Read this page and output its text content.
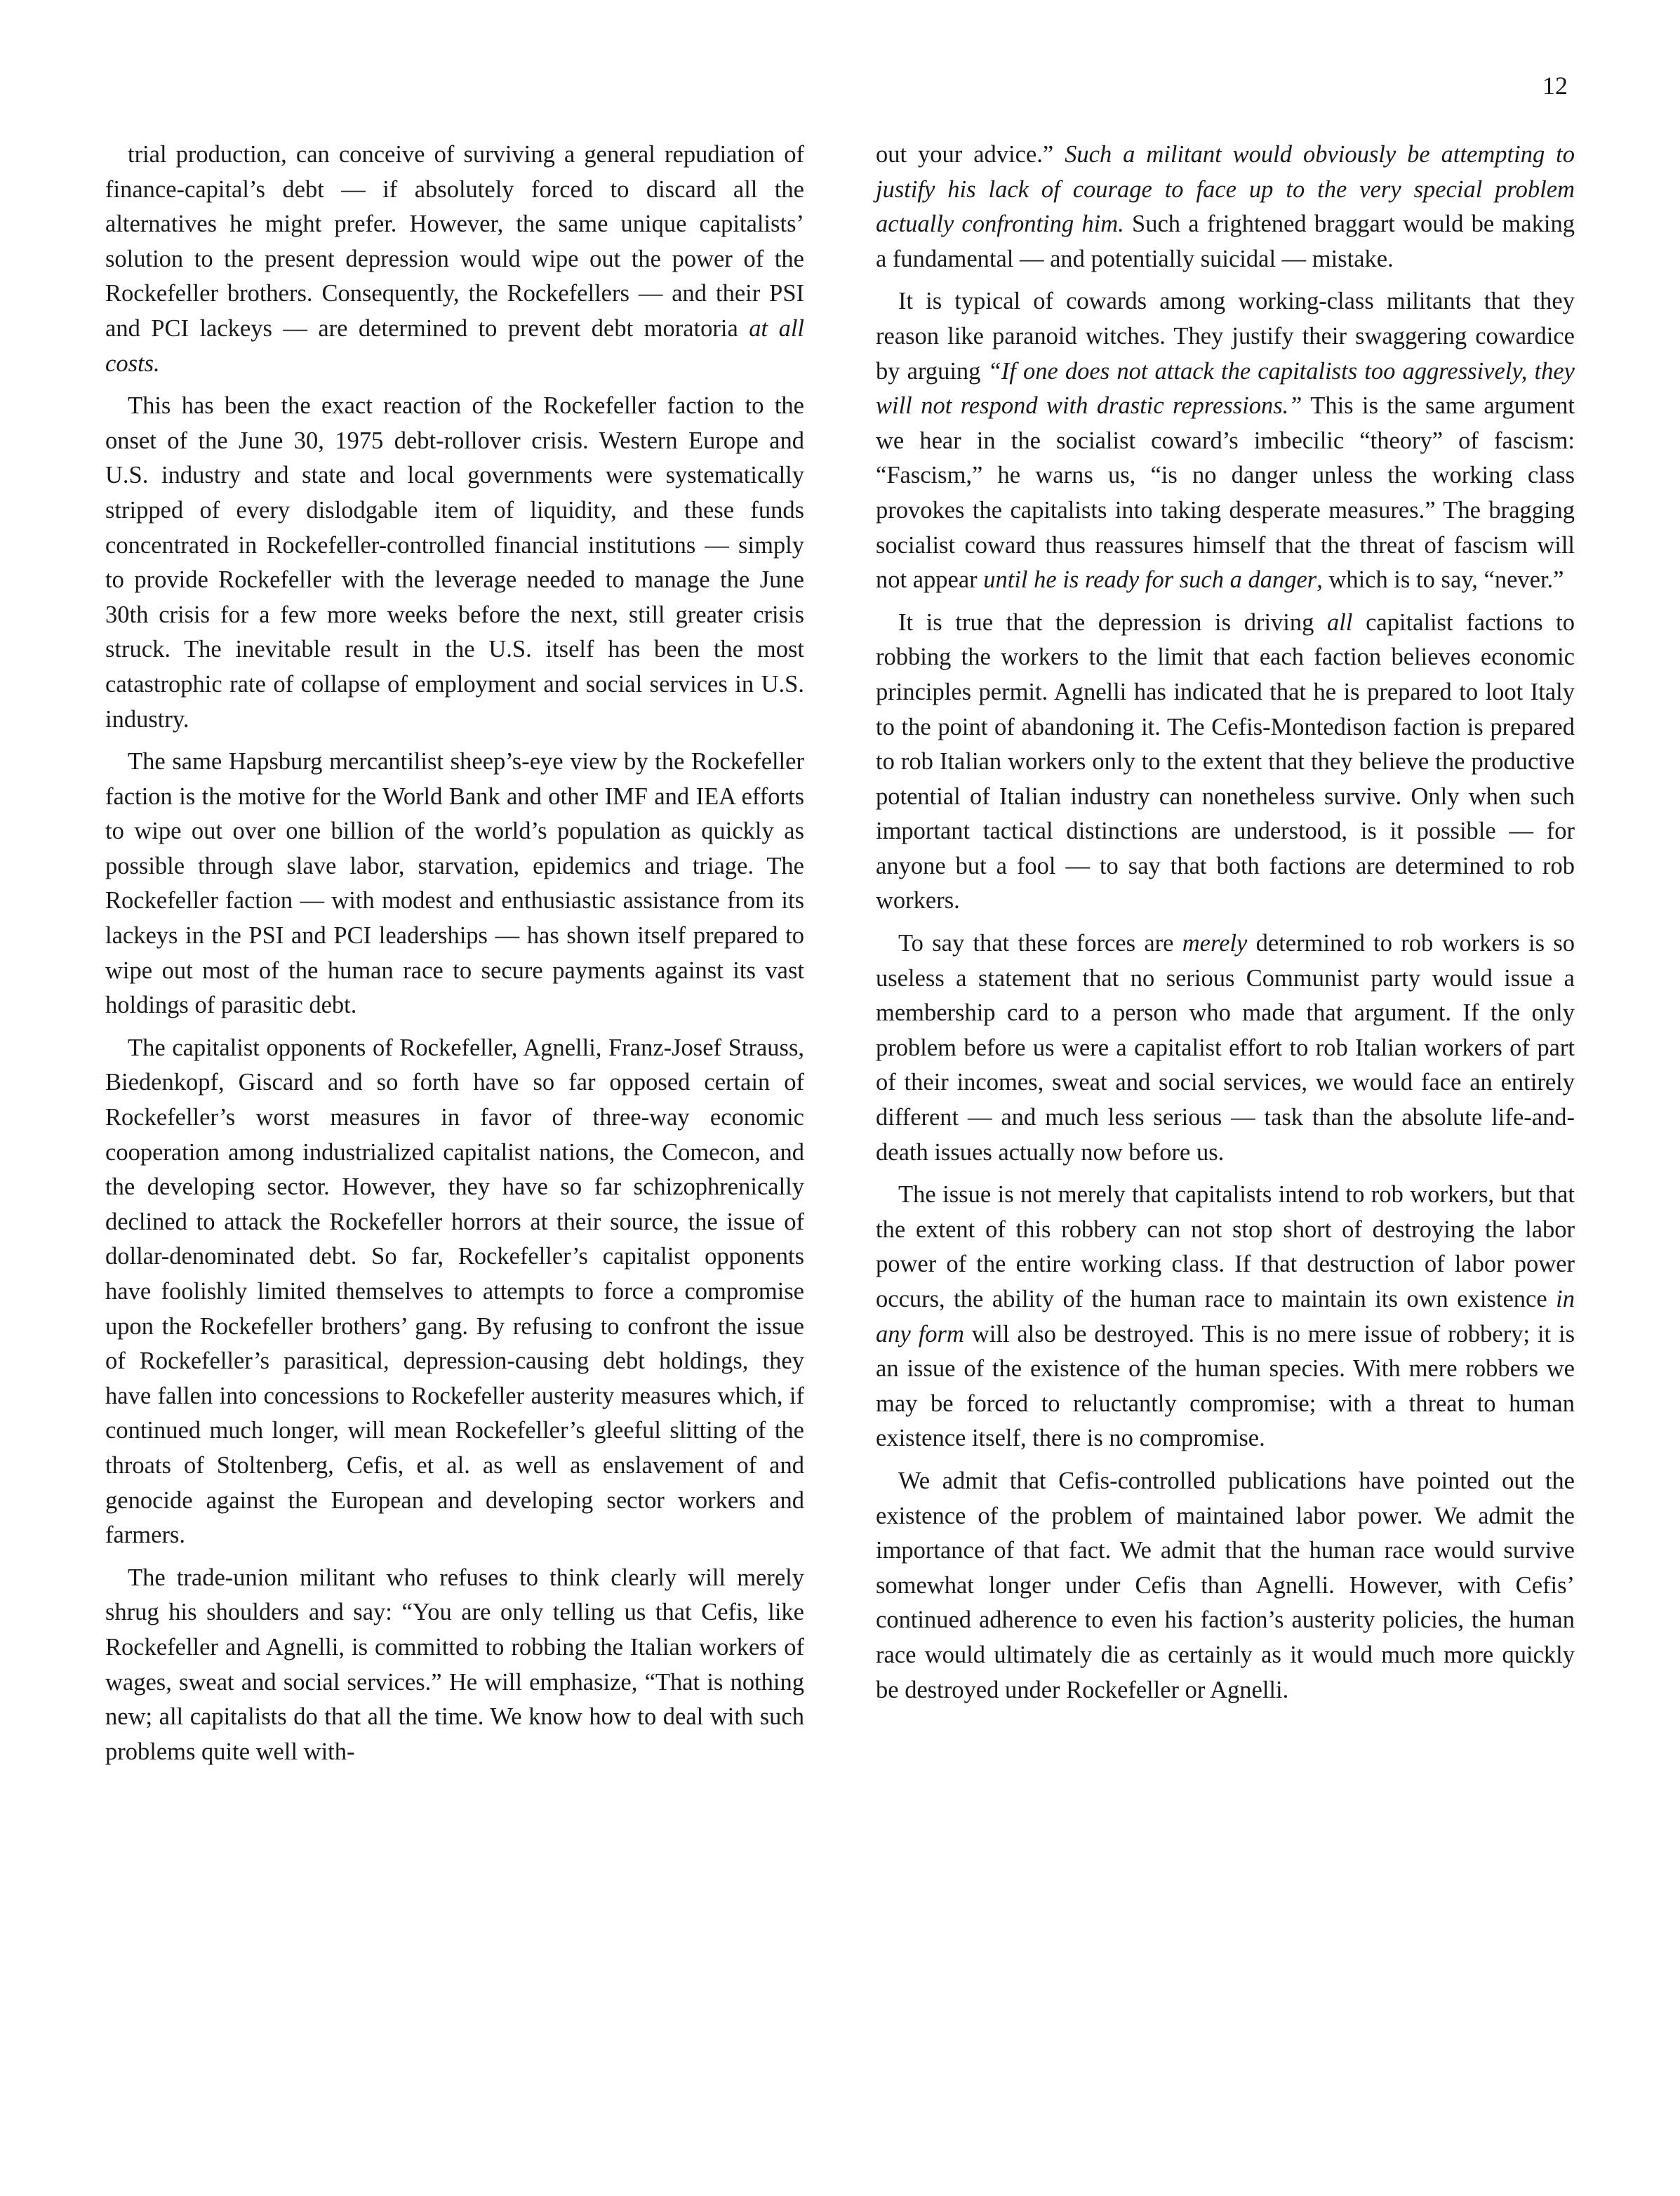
12

trial production, can conceive of surviving a general repudiation of finance-capital’s debt — if absolutely forced to discard all the alternatives he might prefer. However, the same unique capitalists’ solution to the present depression would wipe out the power of the Rockefeller brothers. Consequently, the Rockefellers — and their PSI and PCI lackeys — are determined to prevent debt moratoria at all costs.

This has been the exact reaction of the Rockefeller faction to the onset of the June 30, 1975 debt-rollover crisis. Western Europe and U.S. industry and state and local governments were systematically stripped of every dislodgable item of liquidity, and these funds concentrated in Rockefeller-controlled financial institutions — simply to provide Rockefeller with the leverage needed to manage the June 30th crisis for a few more weeks before the next, still greater crisis struck. The inevitable result in the U.S. itself has been the most catastrophic rate of collapse of employment and social services in U.S. industry.

The same Hapsburg mercantilist sheep’s-eye view by the Rockefeller faction is the motive for the World Bank and other IMF and IEA efforts to wipe out over one billion of the world’s population as quickly as possible through slave labor, starvation, epidemics and triage. The Rockefeller faction — with modest and enthusiastic assistance from its lackeys in the PSI and PCI leaderships — has shown itself prepared to wipe out most of the human race to secure payments against its vast holdings of parasitic debt.

The capitalist opponents of Rockefeller, Agnelli, Franz-Josef Strauss, Biedenkopf, Giscard and so forth have so far opposed certain of Rockefeller’s worst measures in favor of three-way economic cooperation among industrialized capitalist nations, the Comecon, and the developing sector. However, they have so far schizophrenically declined to attack the Rockefeller horrors at their source, the issue of dollar-denominated debt. So far, Rockefeller’s capitalist opponents have foolishly limited themselves to attempts to force a compromise upon the Rockefeller brothers’ gang. By refusing to confront the issue of Rockefeller’s parasitical, depression-causing debt holdings, they have fallen into concessions to Rockefeller austerity measures which, if continued much longer, will mean Rockefeller’s gleeful slitting of the throats of Stoltenberg, Cefis, et al. as well as enslavement of and genocide against the European and developing sector workers and farmers.

The trade-union militant who refuses to think clearly will merely shrug his shoulders and say: “You are only telling us that Cefis, like Rockefeller and Agnelli, is committed to robbing the Italian workers of wages, sweat and social services.” He will emphasize, “That is nothing new; all capitalists do that all the time. We know how to deal with such problems quite well with-

out your advice.” Such a militant would obviously be attempting to justify his lack of courage to face up to the very special problem actually confronting him. Such a frightened braggart would be making a fundamental — and potentially suicidal — mistake.

It is typical of cowards among working-class militants that they reason like paranoid witches. They justify their swaggering cowardice by arguing “If one does not attack the capitalists too aggressively, they will not respond with drastic repressions.” This is the same argument we hear in the socialist coward’s imbecilic “theory” of fascism: “Fascism,” he warns us, “is no danger unless the working class provokes the capitalists into taking desperate measures.” The bragging socialist coward thus reassures himself that the threat of fascism will not appear until he is ready for such a danger, which is to say, “never.”

It is true that the depression is driving all capitalist factions to robbing the workers to the limit that each faction believes economic principles permit. Agnelli has indicated that he is prepared to loot Italy to the point of abandoning it. The Cefis-Montedison faction is prepared to rob Italian workers only to the extent that they believe the productive potential of Italian industry can nonetheless survive. Only when such important tactical distinctions are understood, is it possible — for anyone but a fool — to say that both factions are determined to rob workers.

To say that these forces are merely determined to rob workers is so useless a statement that no serious Communist party would issue a membership card to a person who made that argument. If the only problem before us were a capitalist effort to rob Italian workers of part of their incomes, sweat and social services, we would face an entirely different — and much less serious — task than the absolute life-and-death issues actually now before us.

The issue is not merely that capitalists intend to rob workers, but that the extent of this robbery can not stop short of destroying the labor power of the entire working class. If that destruction of labor power occurs, the ability of the human race to maintain its own existence in any form will also be destroyed. This is no mere issue of robbery; it is an issue of the existence of the human species. With mere robbers we may be forced to reluctantly compromise; with a threat to human existence itself, there is no compromise.

We admit that Cefis-controlled publications have pointed out the existence of the problem of maintained labor power. We admit the importance of that fact. We admit that the human race would survive somewhat longer under Cefis than Agnelli. However, with Cefis’ continued adherence to even his faction’s austerity policies, the human race would ultimately die as certainly as it would much more quickly be destroyed under Rockefeller or Agnelli.
